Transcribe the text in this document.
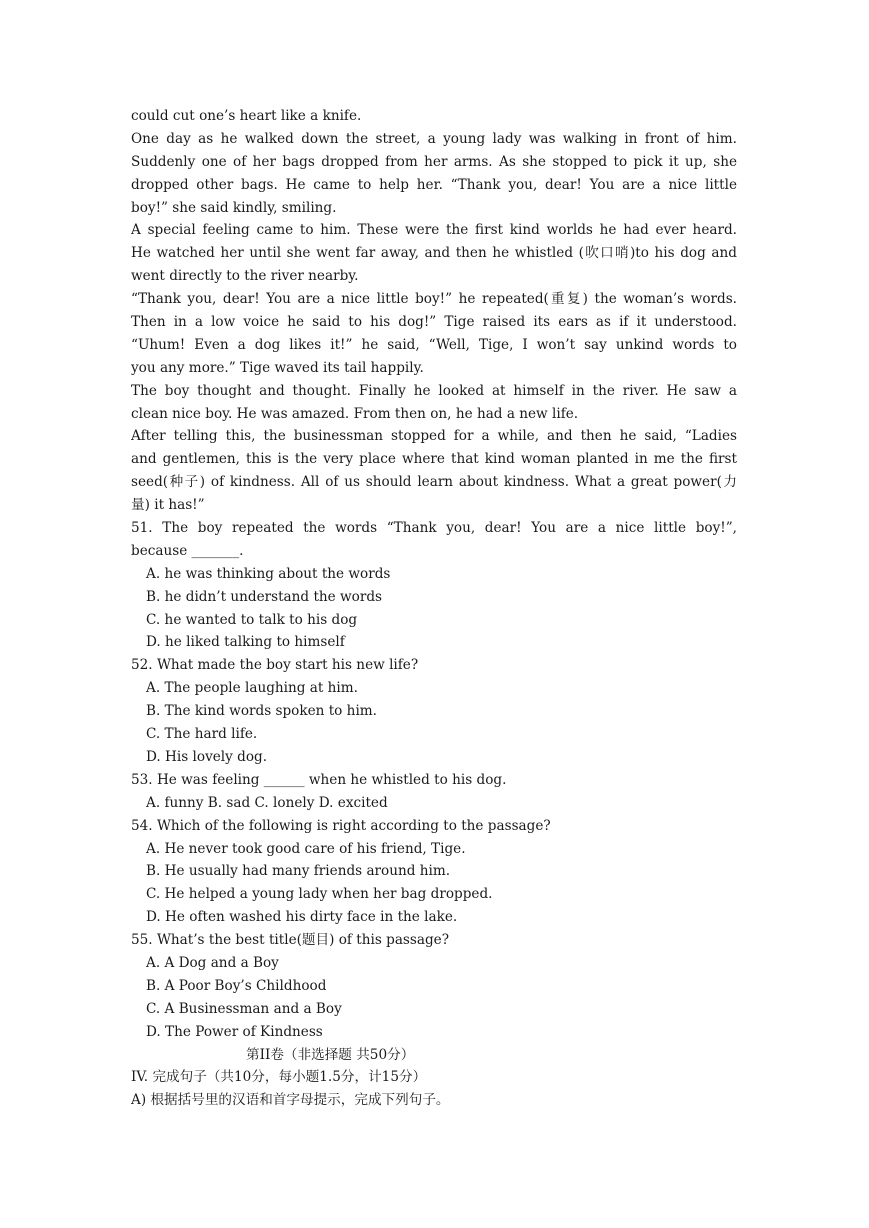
could cut one’s heart like a knife.
One day as he walked down the street, a young lady was walking in front of him.
Suddenly one of her bags dropped from her arms. As she stopped to pick it up, she
dropped other bags. He came to help her. “Thank you, dear! You are a nice little
boy!” she said kindly, smiling.
A special feeling came to him. These were the first kind worlds he had ever heard.
He watched her until she went far away, and then he whistled (吹口哨)to his dog and
went directly to the river nearby.
“Thank you, dear! You are a nice little boy!” he repeated(重复) the woman’s words.
Then in a low voice he said to his dog!” Tige raised its ears as if it understood.
“Uhum! Even a dog likes it!” he said, “Well, Tige, I won’t say unkind words to
you any more.” Tige waved its tail happily.
The boy thought and thought. Finally he looked at himself in the river. He saw a
clean nice boy. He was amazed. From then on, he had a new life.
After telling this, the businessman stopped for a while, and then he said, “Ladies
and gentlemen, this is the very place where that kind woman planted in me the first
seed(种子) of kindness. All of us should learn about kindness. What a great power(力
量) it has!”
51. The boy repeated the words “Thank you, dear! You are a nice little boy!”,
because _______.
A. he was thinking about the words
B. he didn’t understand the words
C. he wanted to talk to his dog
D. he liked talking to himself
52. What made the boy start his new life?
A. The people laughing at him.
B. The kind words spoken to him.
C. The hard life.
D. His lovely dog.
53. He was feeling ______ when he whistled to his dog.
A. funny B. sad C. lonely D. excited
54. Which of the following is right according to the passage?
A. He never took good care of his friend, Tige.
B. He usually had many friends around him.
C. He helped a young lady when her bag dropped.
D. He often washed his dirty face in the lake.
55. What’s the best title(题目) of this passage?
A. A Dog and a Boy
B. A Poor Boy’s Childhood
C. A Businessman and a Boy
D. The Power of Kindness
第II卷（非选择题 共50分）
IV. 完成句子（共10分，每小题1.5分，计15分）
A) 根据括号里的汉语和首字母提示，完成下列句子。
